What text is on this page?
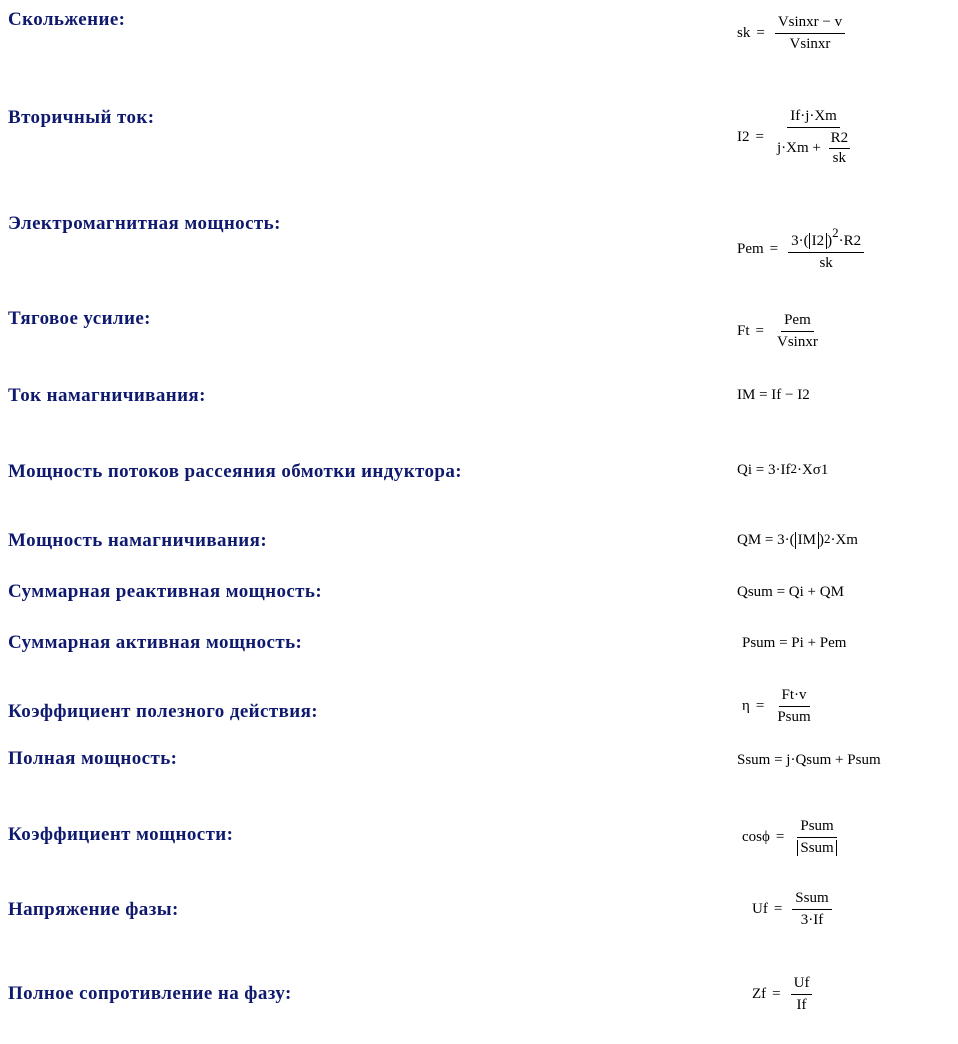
Скольжение:
Вторичный ток:
Электромагнитная мощность:
Тяговое усилие:
Ток намагничивания:
Мощность потоков рассеяния обмотки индуктора:
Мощность намагничивания:
Суммарная реактивная мощность:
Суммарная активная мощность:
Коэффициент полезного действия:
Полная мощность:
Коэффициент мощности:
Напряжение фазы:
Полное сопротивление на фазу:
sk = $\frac{\text{Vsinxr − v}}{\text{Vsinxr}}$
$I2 = \frac{If\cdot j\cdot Xm}{j\cdot Xm + \frac{R2}{sk}}$
Pem = $\frac{3\cdot( I2 )^2\cdot R2}{sk}$
$Ft = \frac{\text{Pem}}{\text{Vsinxr}}$
IM = If − I2
$Qi = 3\cdot If^2 \cdot X\sigma 1$
QM = 3·( IM )$^2$ ·Xm
Qsum = Qi + QM
Psum = Pi + Pem
$\eta = \frac{Ft\cdot v}{\text{Psum}}$
Ssum = j·Qsum + Psum
$\cos\phi = \frac{\text{Psum}}{\text{Ssum}}$
$Uf = \frac{\text{Ssum}}{3\cdot If}$
$Zf = \frac{Uf}{If}$
